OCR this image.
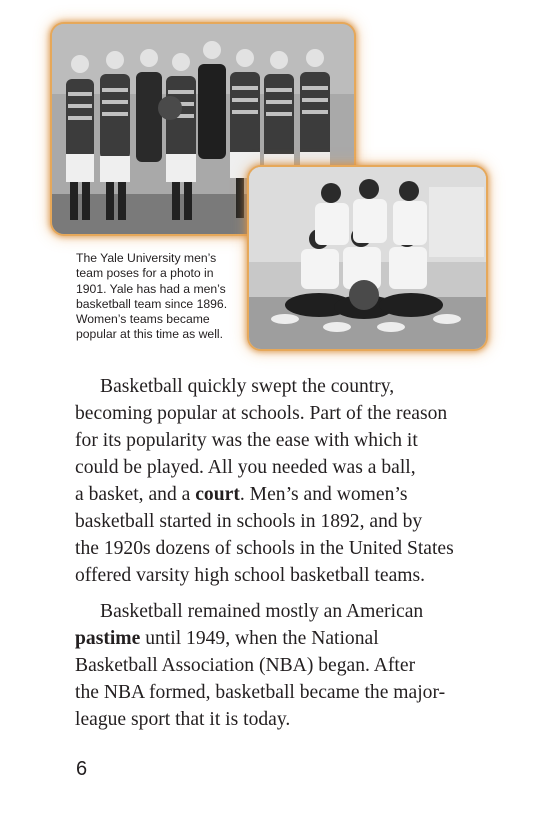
The Yale University men’s team poses for a photo in 1901. Yale has had a men’s basketball team since 1896. Women’s teams became popular at this time as well.

Basketball quickly swept the country,
becoming popular at schools. Part of the reason
for its popularity was the ease with which it
could be played. All you needed was a ball,
a basket, and a court. Men’s and women’s
basketball started in schools in 1892, and by
the 1920s dozens of schools in the United States
offered varsity high school basketball teams.

Basketball remained mostly an American
pastime until 1949, when the National
Basketball Association (NBA) began. After
the NBA formed, basketball became the major-
league sport that it is today.

6
